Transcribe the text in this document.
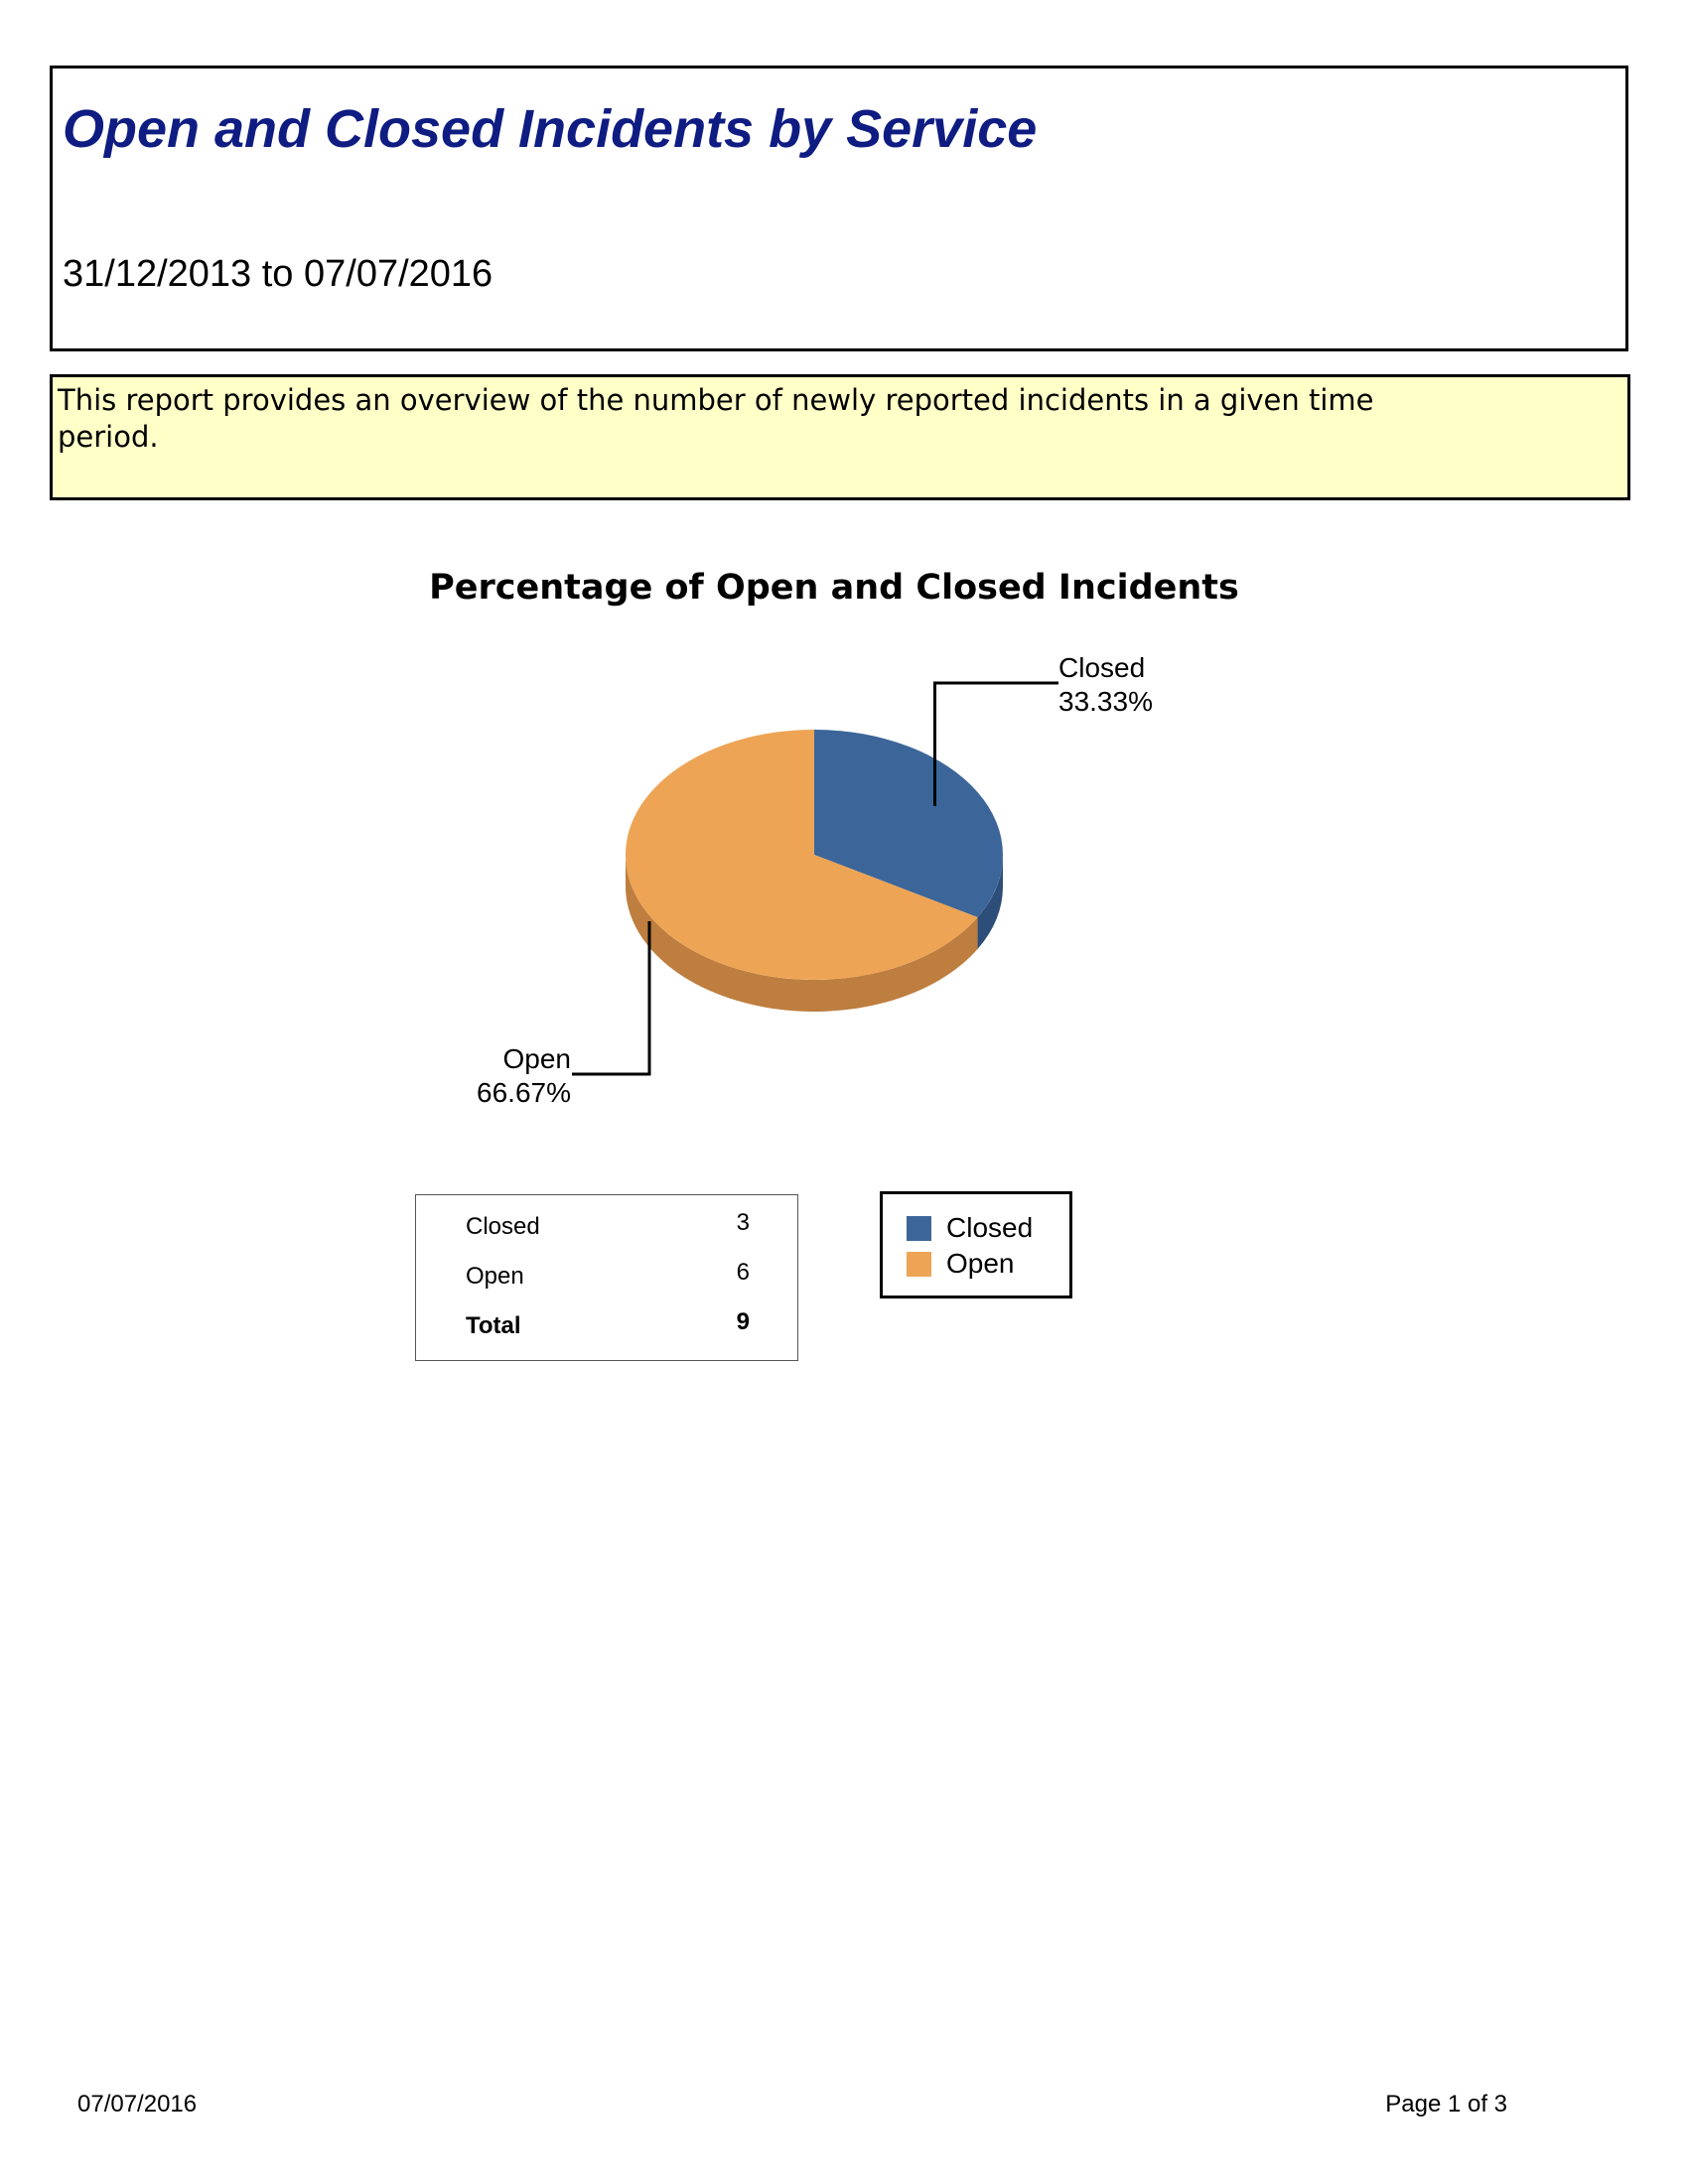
Open and Closed Incidents by Service
31/12/2013 to 07/07/2016
This report provides an overview of the number of newly reported incidents in a given time period.
Percentage of Open and Closed Incidents
Closed
33.33%
Open
66.67%
Closed	3
Open	6
Total	9
Closed
Open
07/07/2016	Page 1 of 3
